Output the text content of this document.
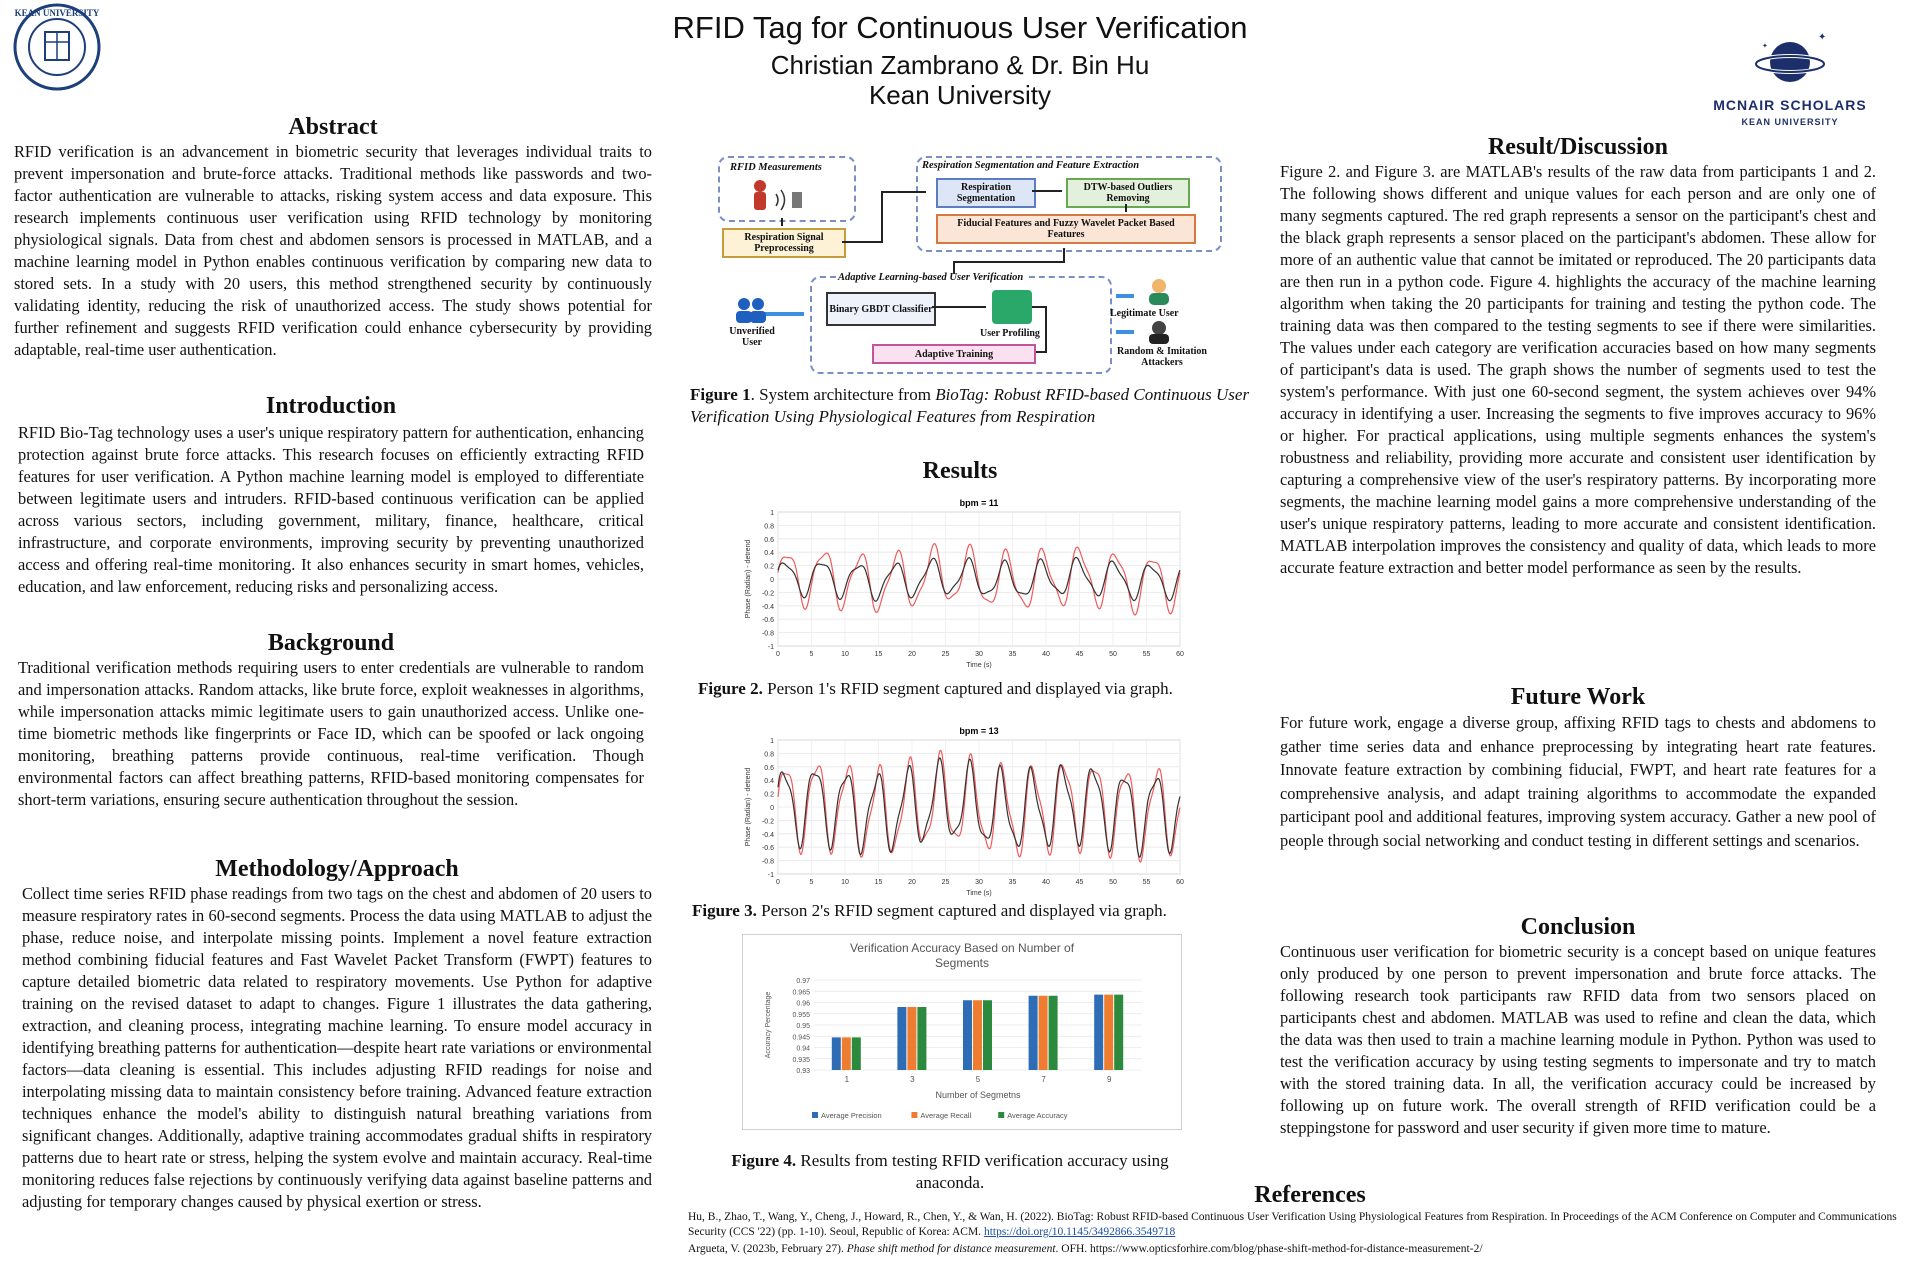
KEAN UNIVERSITY	RFID Tag for Continuous User Verification
Christian Zambrano & Dr. Bin Hu
Kean University
✦
✦
MCNAIR SCHOLARS
KEAN UNIVERSITY
Abstract

RFID verification is an advancement in biometric security that leverages individual traits to prevent impersonation and brute-force attacks. Traditional methods like passwords and two-factor authentication are vulnerable to attacks, risking system access and data exposure. This research implements continuous user verification using RFID technology by monitoring physiological signals. Data from chest and abdomen sensors is processed in MATLAB, and a machine learning model in Python enables continuous verification by comparing new data to stored sets. In a study with 20 users, this method strengthened security by continuously validating identity, reducing the risk of unauthorized access. The study shows potential for further refinement and suggests RFID verification could enhance cybersecurity by providing adaptable, real-time user authentication.

Introduction

RFID Bio-Tag technology uses a user's unique respiratory pattern for authentication, enhancing protection against brute force attacks. This research focuses on efficiently extracting RFID features for user verification. A Python machine learning model is employed to differentiate between legitimate users and intruders. RFID-based continuous verification can be applied across various sectors, including government, military, finance, healthcare, critical infrastructure, and corporate environments, improving security by preventing unauthorized access and offering real-time monitoring. It also enhances security in smart homes, vehicles, education, and law enforcement, reducing risks and personalizing access.

Background

Traditional verification methods requiring users to enter credentials are vulnerable to random and impersonation attacks. Random attacks, like brute force, exploit weaknesses in algorithms, while impersonation attacks mimic legitimate users to gain unauthorized access. Unlike one-time biometric methods like fingerprints or Face ID, which can be spoofed or lack ongoing monitoring, breathing patterns provide continuous, real-time verification. Though environmental factors can affect breathing patterns, RFID-based monitoring compensates for short-term variations, ensuring secure authentication throughout the session.

Methodology/Approach

Collect time series RFID phase readings from two tags on the chest and abdomen of 20 users to measure respiratory rates in 60-second segments. Process the data using MATLAB to adjust the phase, reduce noise, and interpolate missing points. Implement a novel feature extraction method combining fiducial features and Fast Wavelet Packet Transform (FWPT) features to capture detailed biometric data related to respiratory movements. Use Python for adaptive training on the revised dataset to adapt to changes. Figure 1 illustrates the data gathering, extraction, and cleaning process, integrating machine learning. To ensure model accuracy in identifying breathing patterns for authentication—despite heart rate variations or environmental factors—data cleaning is essential. This includes adjusting RFID readings for noise and interpolating missing data to maintain consistency before training. Advanced feature extraction techniques enhance the model's ability to distinguish natural breathing variations from significant changes. Additionally, adaptive training accommodates gradual shifts in respiratory patterns due to heart rate or stress, helping the system evolve and maintain accuracy. Real-time monitoring reduces false rejections by continuously verifying data against baseline patterns and adjusting for temporary changes caused by physical exertion or stress.

RFID Measurements
Respiration Signal Preprocessing
Respiration Segmentation and Feature Extraction
Respiration Segmentation
DTW-based Outliers Removing
Fiducial Features and Fuzzy Wavelet Packet Based Features
Adaptive Learning-based User Verification
Binary GBDT Classifier
User Profiling
Adaptive Training
Unverified User
Legitimate User
Random & Imitation Attackers
Figure 1. System architecture from BioTag: Robust RFID-based Continuous User Verification Using Physiological Features from Respiration
Results
bpm = 11
1
0.8
0.6
0.4
0.2
0
-0.2
-0.4
-0.6
-0.8
-1
0	5	10	15	20	25	30	35	40	45	50	55	60
Time (s)
Phase (Radian) - detrend
Figure 2. Person 1's RFID segment captured and displayed via graph.
bpm = 13
1
0.8
0.6
0.4
0.2
0
-0.2
-0.4
-0.6
-0.8
-1
0	5	10	15	20	25	30	35	40	45	50	55	60
Time (s)
Phase (Radian) - detrend
Figure 3. Person 2's RFID segment captured and displayed via graph.
Verification Accuracy Based on Number of
Segments
0.97
0.965
0.96
0.955
0.95
0.945
0.94
0.935
0.93
Accuracy Percentage
1	3	5	7	9
Number of Segmetns
Average Precision	Average Recall	Average Accuracy
Figure 4. Results from testing RFID verification accuracy using anaconda.
Result/Discussion

Figure 2. and Figure 3. are MATLAB's results of the raw data from participants 1 and 2. The following shows different and unique values for each person and are only one of many segments captured. The red graph represents a sensor on the participant's chest and the black graph represents a sensor placed on the participant's abdomen. These allow for more of an authentic value that cannot be imitated or reproduced. The 20 participants data are then run in a python code. Figure 4. highlights the accuracy of the machine learning algorithm when taking the 20 participants for training and testing the python code. The training data was then compared to the testing segments to see if there were similarities. The values under each category are verification accuracies based on how many segments of participant's data is used. The graph shows the number of segments used to test the system's performance. With just one 60-second segment, the system achieves over 94% accuracy in identifying a user. Increasing the segments to five improves accuracy to 96% or higher. For practical applications, using multiple segments enhances the system's robustness and reliability, providing more accurate and consistent user identification by capturing a comprehensive view of the user's respiratory patterns. By incorporating more segments, the machine learning model gains a more comprehensive understanding of the user's unique respiratory patterns, leading to more accurate and consistent identification. MATLAB interpolation improves the consistency and quality of data, which leads to more accurate feature extraction and better model performance as seen by the results.

Future Work

For future work, engage a diverse group, affixing RFID tags to chests and abdomens to gather time series data and enhance preprocessing by integrating heart rate features. Innovate feature extraction by combining fiducial, FWPT, and heart rate features for a comprehensive analysis, and adapt training algorithms to accommodate the expanded participant pool and additional features, improving system accuracy. Gather a new pool of people through social networking and conduct testing in different settings and scenarios.

Conclusion

Continuous user verification for biometric security is a concept based on unique features only produced by one person to prevent impersonation and brute force attacks. The following research took participants raw RFID data from two sensors placed on participants chest and abdomen. MATLAB was used to refine and clean the data, which the data was then used to train a machine learning module in Python. Python was used to test the verification accuracy by using testing segments to impersonate and try to match with the stored training data. In all, the verification accuracy could be increased by following up on future work. The overall strength of RFID verification could be a steppingstone for password and user security if given more time to mature.

References
Hu, B., Zhao, T., Wang, Y., Cheng, J., Howard, R., Chen, Y., & Wan, H. (2022). BioTag: Robust RFID-based Continuous User Verification Using Physiological Features from Respiration. In Proceedings of the ACM Conference on Computer and Communications Security (CCS '22) (pp. 1-10). Seoul, Republic of Korea: ACM. https://doi.org/10.1145/3492866.3549718
Argueta, V. (2023b, February 27). Phase shift method for distance measurement. OFH. https://www.opticsforhire.com/blog/phase-shift-method-for-distance-measurement-2/
